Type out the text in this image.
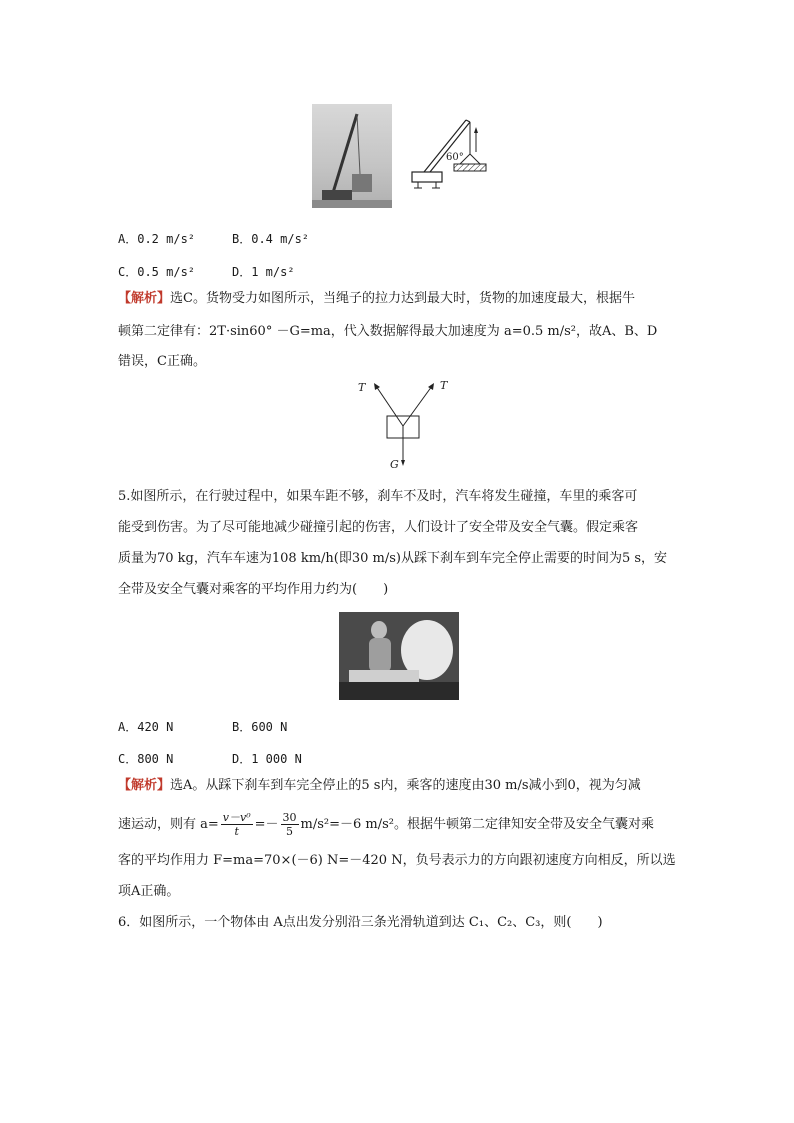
60°
A．0.2 m/s²	B．0.4 m/s²
C．0.5 m/s²	D．1 m/s²
【解析】选C。货物受力如图所示，当绳子的拉力达到最大时，货物的加速度最大，根据牛
顿第二定律有：2T·sin60° －G=ma，代入数据解得最大加速度为 a=0.5 m/s²，故A、B、D
错误，C正确。
T	T
G
5.如图所示，在行驶过程中，如果车距不够，刹车不及时，汽车将发生碰撞，车里的乘客可
能受到伤害。为了尽可能地减少碰撞引起的伤害，人们设计了安全带及安全气囊。假定乘客
质量为70 kg，汽车车速为108 km/h(即30 m/s)从踩下刹车到车完全停止需要的时间为5 s，安
全带及安全气囊对乘客的平均作用力约为(　　)
A．420 N	B．600 N
C．800 N	D．1 000 N
【解析】选A。从踩下刹车到车完全停止的5 s内，乘客的速度由30 m/s减小到0，视为匀减
速运动，则有 $a= \frac{\text{v－v⁰}}{t} =- \frac{30}{5} m/s^2=-6$ m/s²。根据牛顿第二定律知安全带及安全气囊对乘
客的平均作用力 F=ma=70×(－6) N=－420 N，负号表示力的方向跟初速度方向相反，所以选
项A正确。
6．如图所示，一个物体由 A点出发分别沿三条光滑轨道到达 C₁、C₂、C₃，则(　　)
